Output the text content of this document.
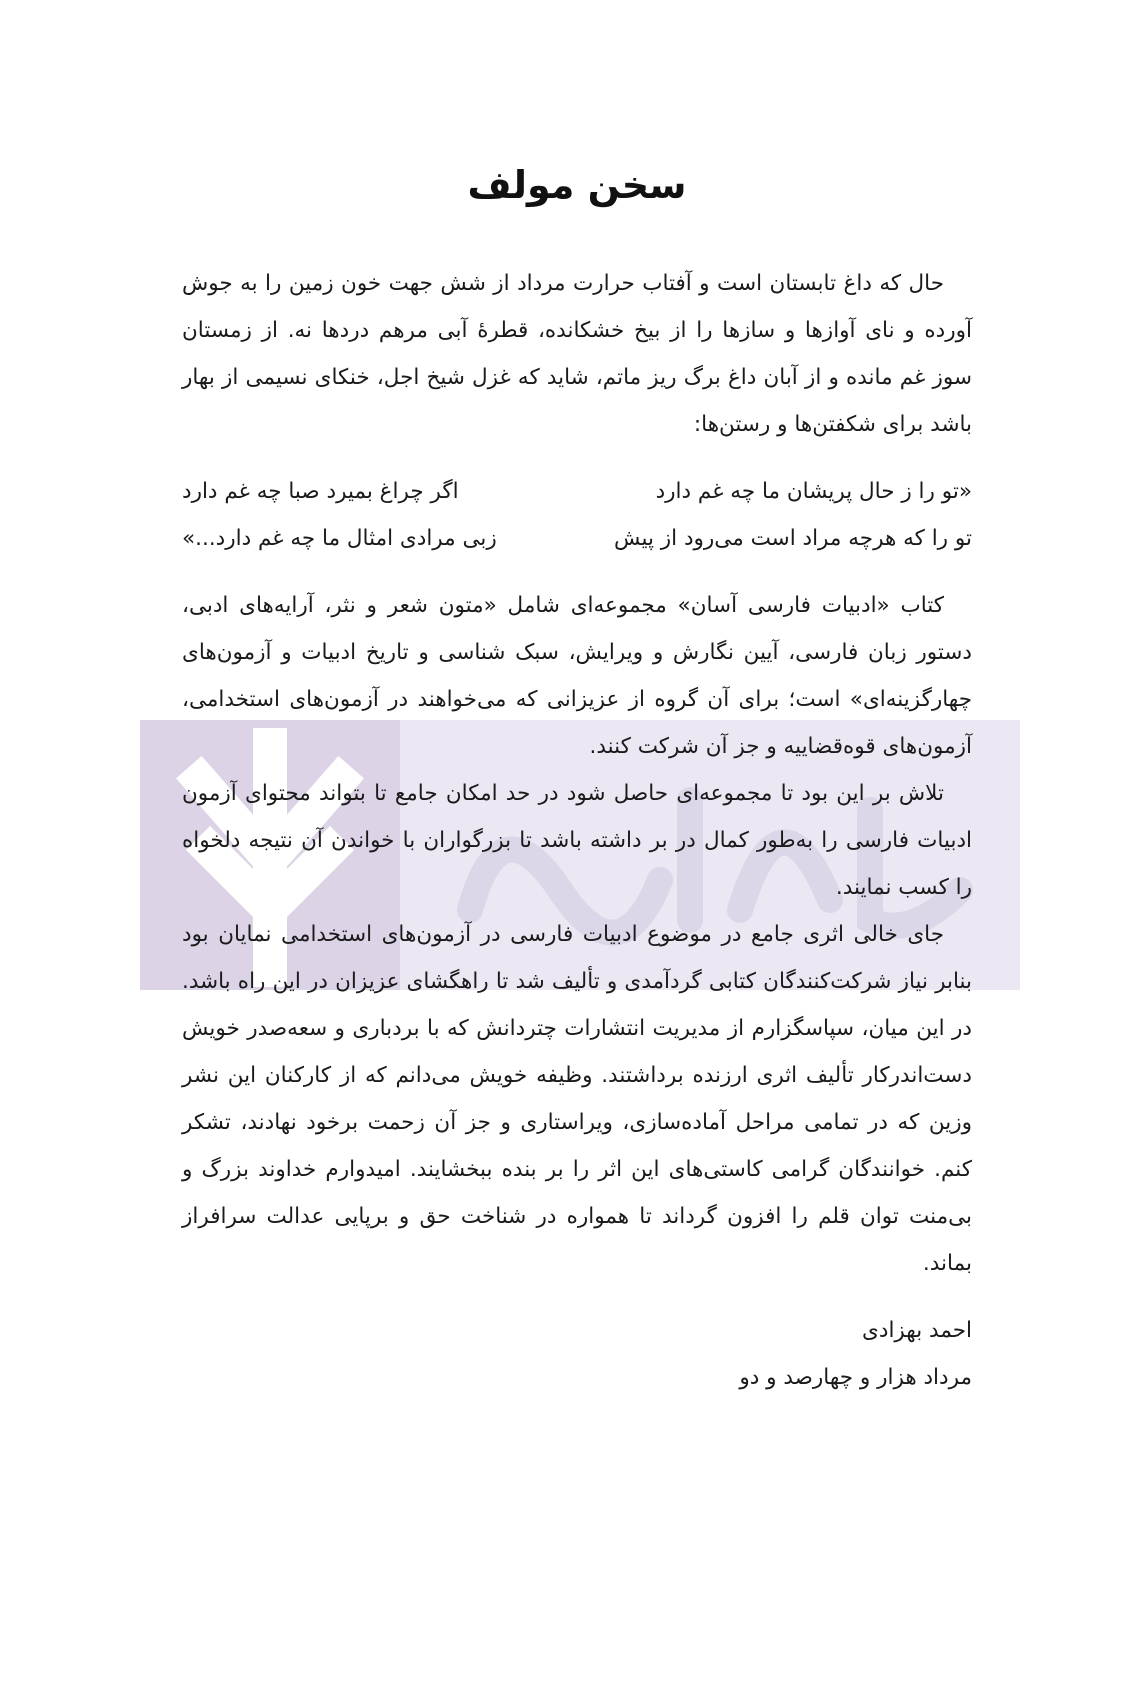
سخن مولف

حال که داغ تابستان است و آفتاب حرارت مرداد از شش جهت خون زمین را به جوش آورده و نای آوازها و سازها را از بیخ خشکانده، قطرهٔ آبی مرهم دردها نه. از زمستان سوز غم مانده و از آبان داغ برگ ریز ماتم، شاید که غزل شیخ اجل، خنکای نسیمی از بهار باشد برای شکفتن‌ها و رستن‌ها:

«تو را ز حال پریشان ما چه غم دارد
اگر چراغ بمیرد صبا چه غم دارد
تو را که هرچه مراد است می‌رود از پیش
زبی مرادی امثال ما چه غم دارد...»

کتاب «ادبیات فارسی آسان» مجموعه‌ای شامل «متون شعر و نثر، آرایه‌های ادبی، دستور زبان فارسی، آیین نگارش و ویرایش، سبک شناسی و تاریخ ادبیات و آزمون‌های چهارگزینه‌ای» است؛ برای آن گروه از عزیزانی که می‌خواهند در آزمون‌های استخدامی، آزمون‌های قوه‌قضاییه و جز آن شرکت کنند.

تلاش بر این بود تا مجموعه‌ای حاصل شود در حد امکان جامع تا بتواند محتوای آزمون ادبیات فارسی را به‌طور کمال در بر داشته باشد تا بزرگواران با خواندن آن نتیجه دلخواه را کسب نمایند.

جای خالی اثری جامع در موضوع ادبیات فارسی در آزمون‌های استخدامی نمایان بود بنابر نیاز شرکت‌کنندگان کتابی گردآمدی و تألیف شد تا راهگشای عزیزان در این راه باشد. در این میان، سپاسگزارم از مدیریت انتشارات چتردانش که با بردباری و سعه‌صدر خویش دست‌اندرکار تألیف اثری ارزنده برداشتند. وظیفه خویش می‌دانم که از کارکنان این نشر وزین که در تمامی مراحل آماده‌سازی، ویراستاری و جز آن زحمت برخود نهادند، تشکر کنم. خوانندگان گرامی کاستی‌های این اثر را بر بنده ببخشایند. امیدوارم خداوند بزرگ و بی‌منت توان قلم را افزون گرداند تا همواره در شناخت حق و برپایی عدالت سرافراز بماند.

احمد بهزادی

مرداد هزار و چهارصد و دو
